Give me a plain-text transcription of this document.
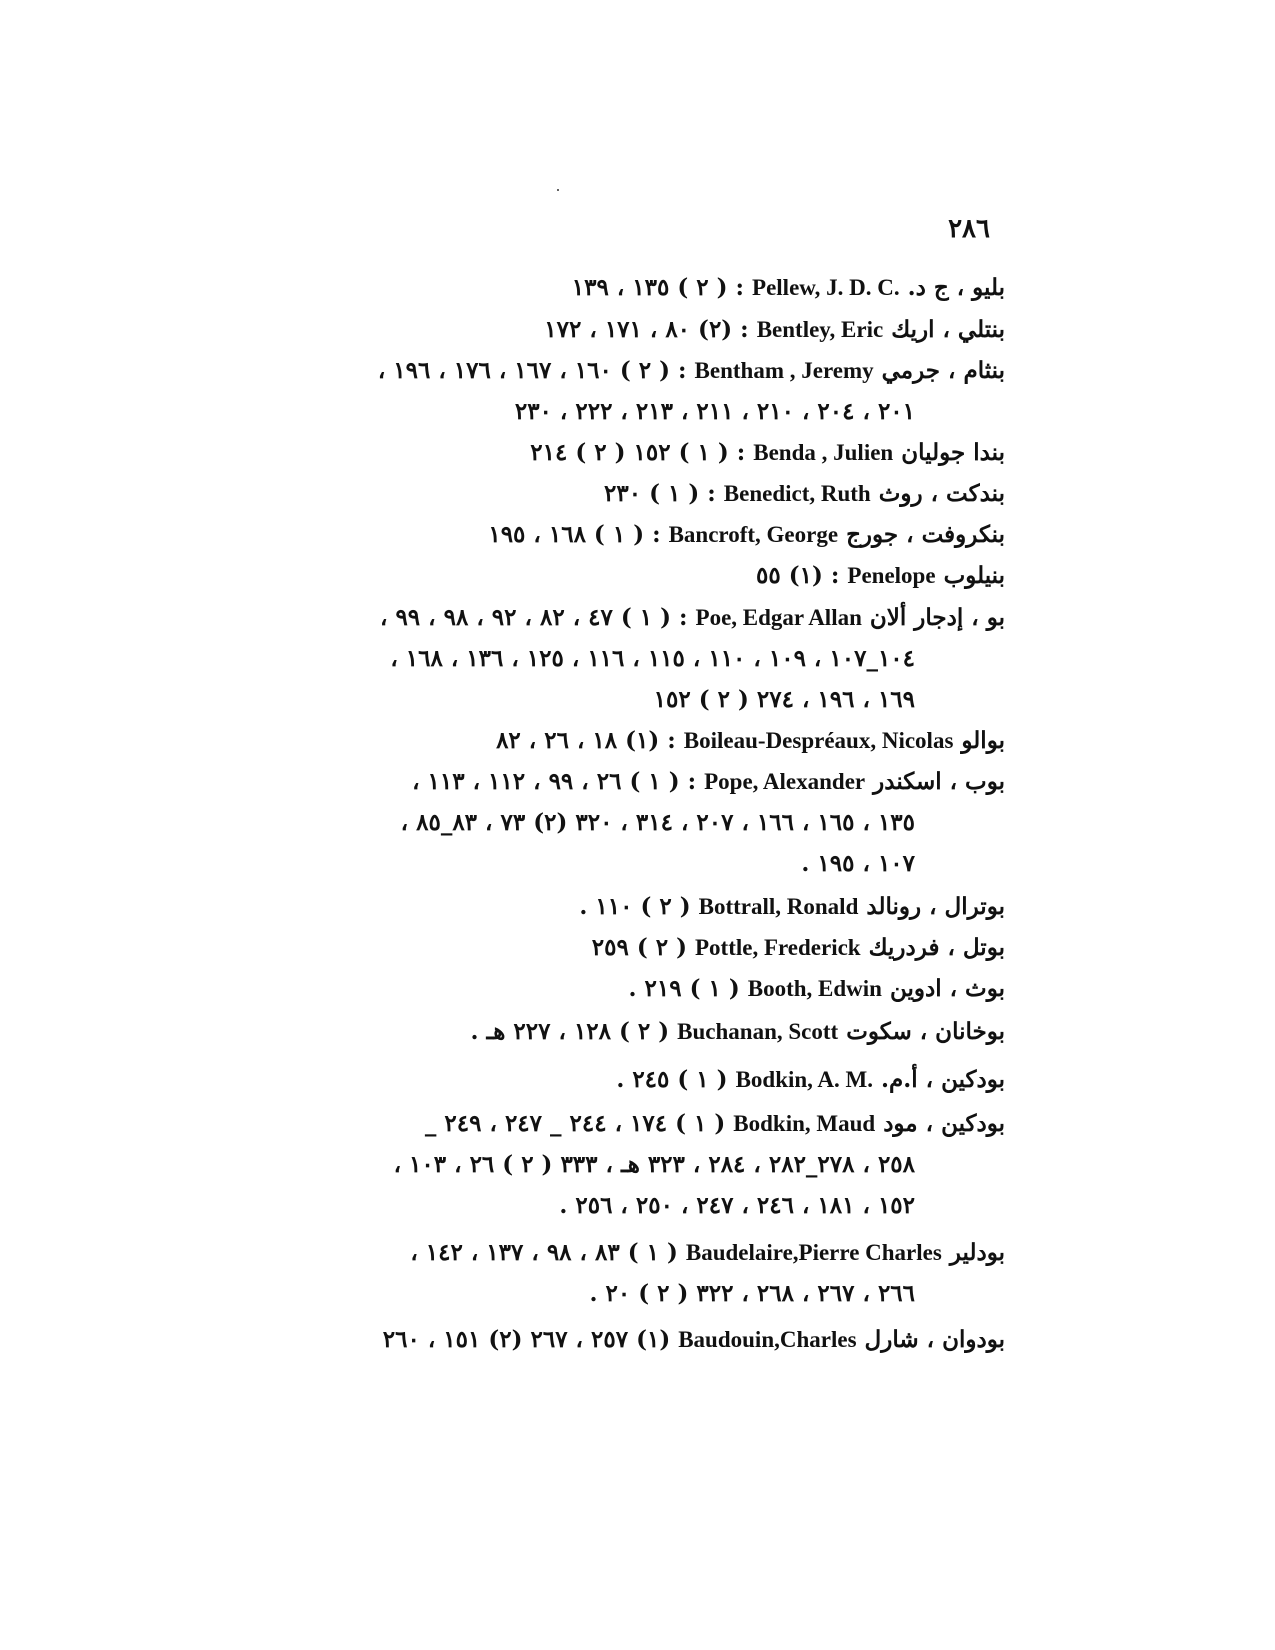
٢٨٦
بليو ، ج د. Pellew, J. D. C. : ( ٢ ) ١٣٥ ، ١٣٩
بنتلي ، اريك Bentley, Eric : (٢) ٨٠ ، ١٧١ ، ١٧٢
بنثام ، جرمي Bentham , Jeremy : ( ٢ ) ١٦٠ ، ١٦٧ ، ١٧٦ ، ١٩٦ ،
٢٠١ ، ٢٠٤ ، ٢١٠ ، ٢١١ ، ٢١٣ ، ٢٢٢ ، ٢٣٠
بندا جوليان Benda , Julien : ( ١ ) ١٥٢ ( ٢ ) ٢١٤
بندكت ، روث Benedict, Ruth : ( ١ ) ٢٣٠
بنكروفت ، جورج Bancroft, George : ( ١ ) ١٦٨ ، ١٩٥
بنيلوب Penelope : (١) ٥٥
بو ، إدجار ألان Poe, Edgar Allan : ( ١ ) ٤٧ ، ٨٢ ، ٩٢ ، ٩٨ ، ٩٩ ،
١٠٤_١٠٧ ، ١٠٩ ، ١١٠ ، ١١٥ ، ١١٦ ، ١٢٥ ، ١٣٦ ، ١٦٨ ،
١٦٩ ، ١٩٦ ، ٢٧٤ ( ٢ ) ١٥٢
بوالو Boileau-Despréaux, Nicolas : (١) ١٨ ، ٢٦ ، ٨٢
بوب ، اسكندر Pope, Alexander : ( ١ ) ٢٦ ، ٩٩ ، ١١٢ ، ١١٣ ،
١٣٥ ، ١٦٥ ، ١٦٦ ، ٢٠٧ ، ٣١٤ ، ٣٢٠ (٢) ٧٣ ، ٨٣_٨٥ ،
١٠٧ ، ١٩٥ .
بوترال ، رونالد Bottrall, Ronald ( ٢ ) ١١٠ .
بوتل ، فردريك Pottle, Frederick ( ٢ ) ٢٥٩
بوث ، ادوين Booth, Edwin ( ١ ) ٢١٩ .
بوخانان ، سكوت Buchanan, Scott ( ٢ ) ١٢٨ ، ٢٢٧ هـ .
بودكين ، أ.م. Bodkin, A. M. ( ١ ) ٢٤٥ .
بودكين ، مود Bodkin, Maud ( ١ ) ١٧٤ ، ٢٤٤ _ ٢٤٧ ، ٢٤٩ _
٢٥٨ ، ٢٧٨_٢٨٢ ، ٢٨٤ ، ٣٢٣ هـ ، ٣٣٣ ( ٢ ) ٢٦ ، ١٠٣ ،
١٥٢ ، ١٨١ ، ٢٤٦ ، ٢٤٧ ، ٢٥٠ ، ٢٥٦ .
بودلير Baudelaire,Pierre Charles ( ١ ) ٨٣ ، ٩٨ ، ١٣٧ ، ١٤٢ ،
٢٦٦ ، ٢٦٧ ، ٢٦٨ ، ٣٢٢ ( ٢ ) ٢٠ .
بودوان ، شارل Baudouin,Charles (١) ٢٥٧ ، ٢٦٧ (٢) ١٥١ ، ٢٦٠
